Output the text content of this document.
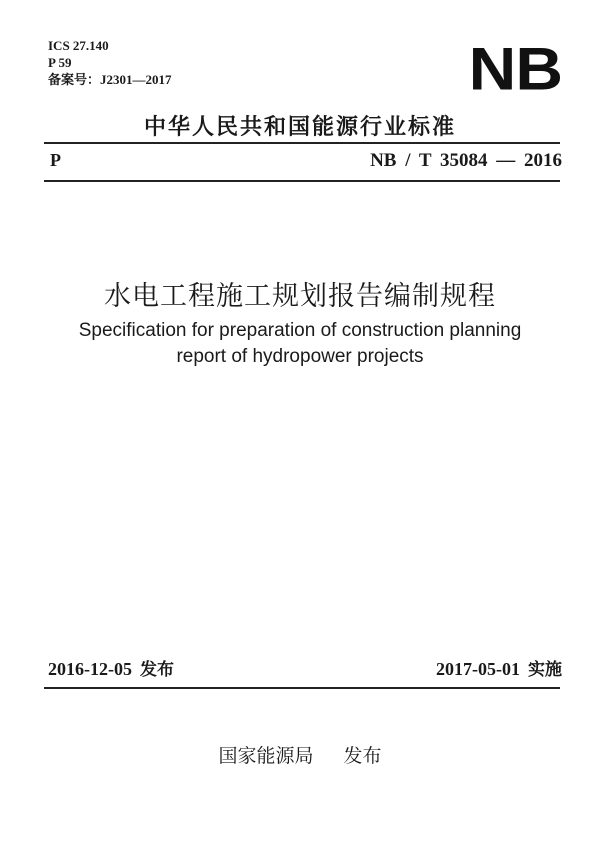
ICS 27.140
P 59
备案号：J2301—2017	NB
中华人民共和国能源行业标准
P	NB / T 35084 — 2016
水电工程施工规划报告编制规程
Specification for preparation of construction planning
report of hydropower projects
2016-12-05 发布	2017-05-01 实施
国家能源局 发布
